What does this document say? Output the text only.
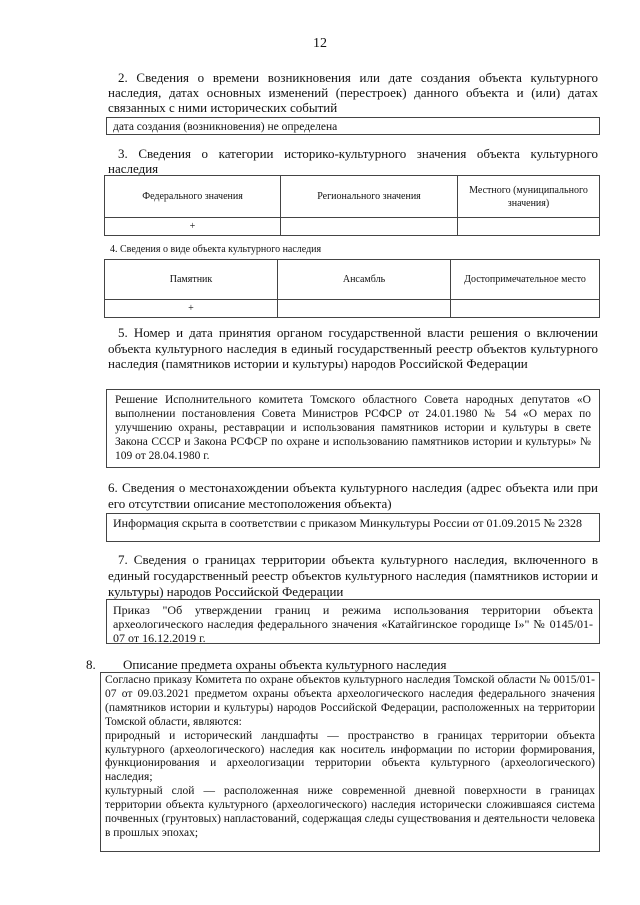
12
2. Сведения о времени возникновения или дате создания объекта культурного наследия, датах основных изменений (перестроек) данного объекта и (или) датах связанных с ними исторических событий
дата создания (возникновения) не определена
3. Сведения о категории историко-культурного значения объекта культурного наследия
Федерального значения	Регионального значения	Местного (муниципального значения)
+		
4. Сведения о виде объекта культурного наследия
Памятник	Ансамбль	Достопримечательное место
+		
5. Номер и дата принятия органом государственной власти решения о включении объекта культурного наследия в единый государственный реестр объектов культурного наследия (памятников истории и культуры) народов Российской Федерации
Решение Исполнительного комитета Томского областного Совета народных депутатов «О выполнении постановления Совета Министров РСФСР от 24.01.1980 № 54 «О мерах по улучшению охраны, реставрации и использования памятников истории и культуры в свете Закона СССР и Закона РСФСР по охране и использованию памятников истории и культуры» № 109 от 28.04.1980 г.
6. Сведения о местонахождении объекта культурного наследия (адрес объекта или при его отсутствии описание местоположения объекта)
Информация скрыта в соответствии с приказом Минкультуры России от 01.09.2015 № 2328
7. Сведения о границах территории объекта культурного наследия, включенного в единый государственный реестр объектов культурного наследия (памятников истории и культуры) народов Российской Федерации
Приказ "Об утверждении границ и режима использования территории объекта археологического наследия федерального значения «Катайгинское городище I»" № 0145/01-07 от 16.12.2019 г.
8.	Описание предмета охраны объекта культурного наследия

Согласно приказу Комитета по охране объектов культурного наследия Томской области № 0015/01-07 от 09.03.2021 предметом охраны объекта археологического наследия федерального значения (памятников истории и культуры) народов Российской Федерации, расположенных на территории Томской области, являются:

природный и исторический ландшафты — пространство в границах территории объекта культурного (археологического) наследия как носитель информации по истории формирования, функционирования и археологизации территории объекта культурного (археологического) наследия;

культурный слой — расположенная ниже современной дневной поверхности в границах территории объекта культурного (археологического) наследия исторически сложившаяся система почвенных (грунтовых) напластований, содержащая следы существования и деятельности человека в прошлых эпохах;
